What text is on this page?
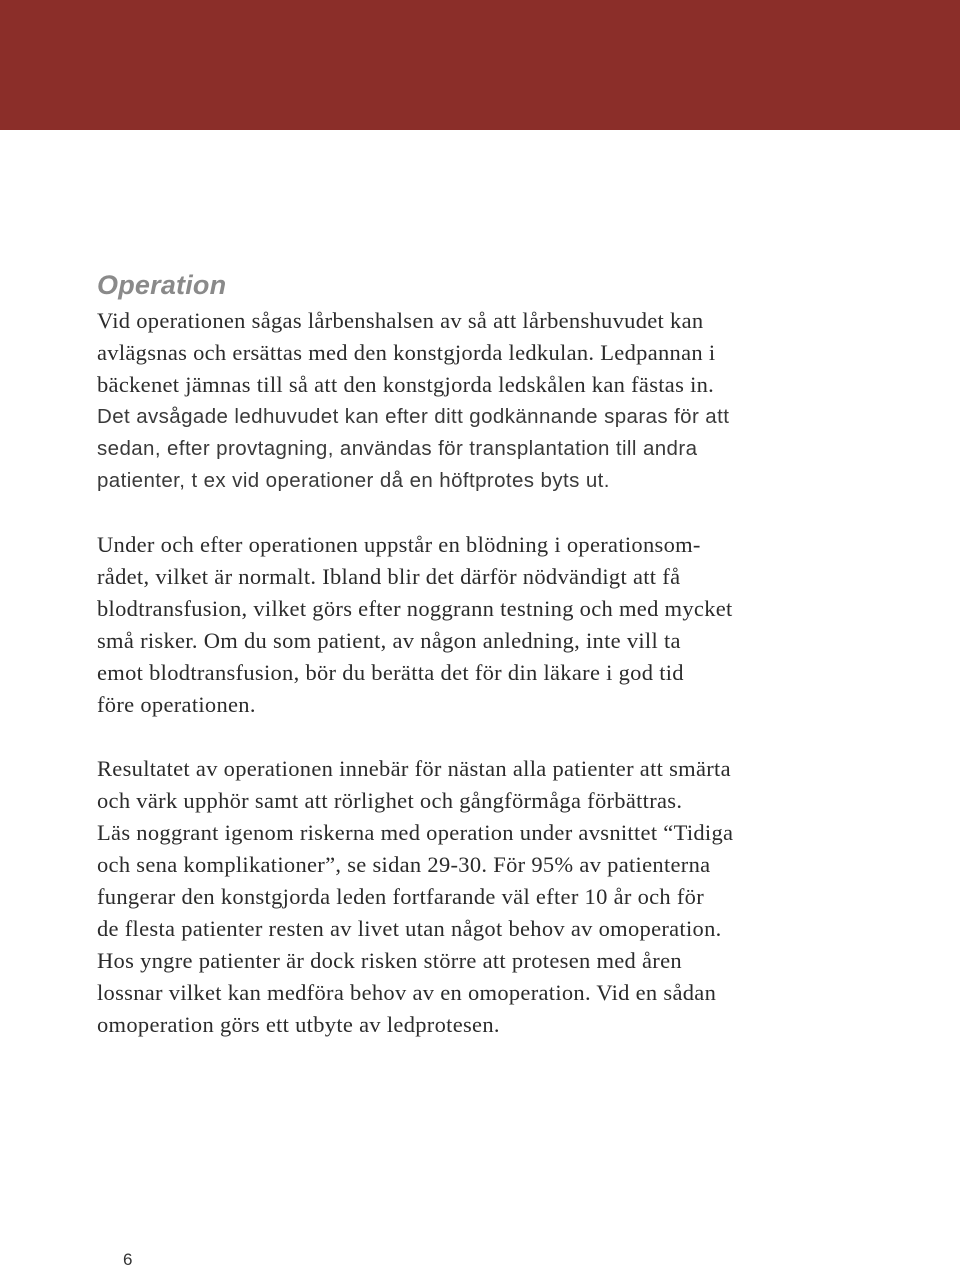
Operation
Vid operationen sågas lårbenshalsen av så att lårbenshuvudet kan
avlägsnas och ersättas med den konstgjorda ledkulan. Ledpannan i
bäckenet jämnas till så att den konstgjorda ledskålen kan fästas in.
Det avsågade ledhuvudet kan efter ditt godkännande sparas för att
sedan, efter provtagning, användas för transplantation till andra
patienter, t ex vid operationer då en höftprotes byts ut.
Under och efter operationen uppstår en blödning i operationsom-
rådet, vilket är normalt. Ibland blir det därför nödvändigt att få
blodtransfusion, vilket görs efter noggrann testning och med mycket
små risker. Om du som patient, av någon anledning, inte vill ta
emot blodtransfusion, bör du berätta det för din läkare i god tid
före operationen.
Resultatet av operationen innebär för nästan alla patienter att smärta
och värk upphör samt att rörlighet och gångförmåga förbättras.
Läs noggrant igenom riskerna med operation under avsnittet “Tidiga
och sena komplikationer”, se sidan 29-30. För 95% av patienterna
fungerar den konstgjorda leden fortfarande väl efter 10 år och för
de flesta patienter resten av livet utan något behov av omoperation.
Hos yngre patienter är dock risken större att protesen med åren
lossnar vilket kan medföra behov av en omoperation. Vid en sådan
omoperation görs ett utbyte av ledprotesen.
6
